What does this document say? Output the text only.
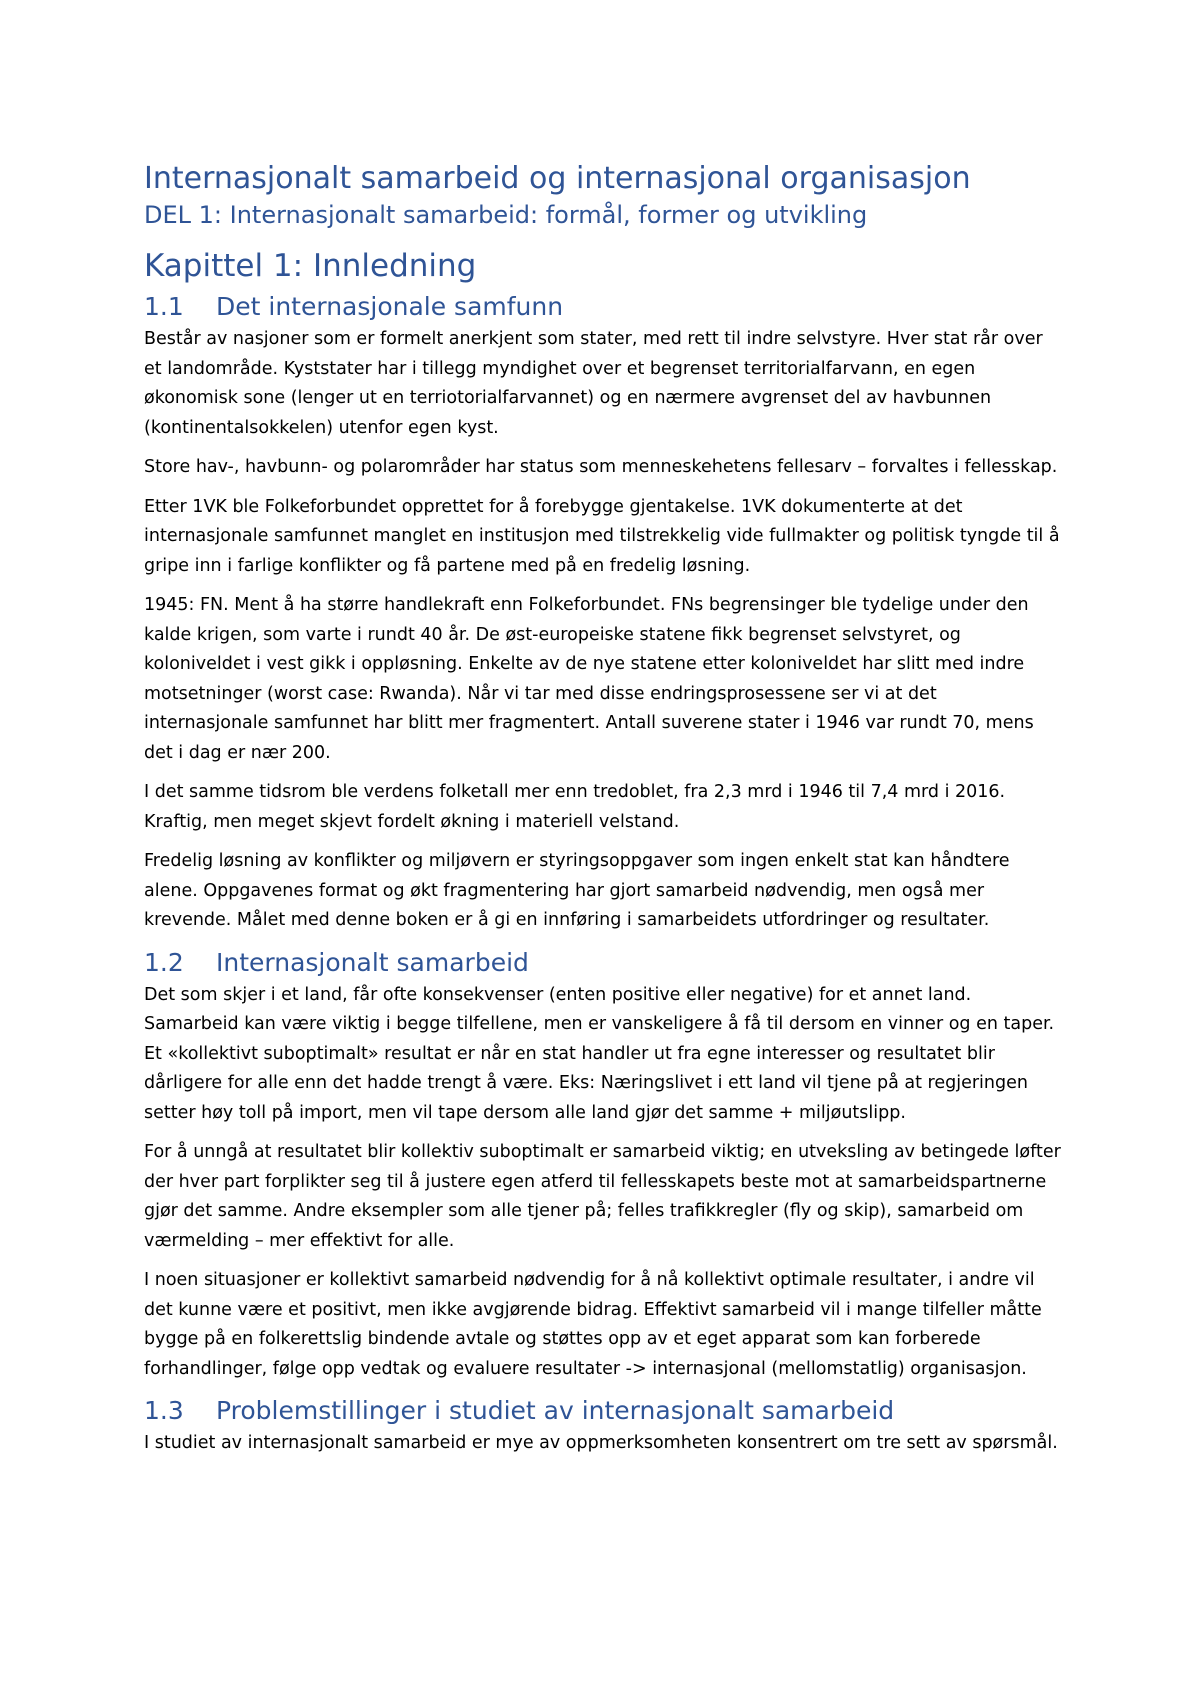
Internasjonalt samarbeid og internasjonal organisasjon
DEL 1: Internasjonalt samarbeid: formål, former og utvikling
Kapittel 1: Innledning
1.1 Det internasjonale samfunn

Består av nasjoner som er formelt anerkjent som stater, med rett til indre selvstyre. Hver stat rår over et landområde. Kyststater har i tillegg myndighet over et begrenset territorialfarvann, en egen økonomisk sone (lenger ut en terriotorialfarvannet) og en nærmere avgrenset del av havbunnen (kontinentalsokkelen) utenfor egen kyst.

Store hav-, havbunn- og polarområder har status som menneskehetens fellesarv – forvaltes i fellesskap.

Etter 1VK ble Folkeforbundet opprettet for å forebygge gjentakelse. 1VK dokumenterte at det internasjonale samfunnet manglet en institusjon med tilstrekkelig vide fullmakter og politisk tyngde til å gripe inn i farlige konflikter og få partene med på en fredelig løsning.

1945: FN. Ment å ha større handlekraft enn Folkeforbundet. FNs begrensinger ble tydelige under den kalde krigen, som varte i rundt 40 år. De øst-europeiske statene fikk begrenset selvstyret, og koloniveldet i vest gikk i oppløsning. Enkelte av de nye statene etter koloniveldet har slitt med indre motsetninger (worst case: Rwanda). Når vi tar med disse endringsprosessene ser vi at det internasjonale samfunnet har blitt mer fragmentert. Antall suverene stater i 1946 var rundt 70, mens det i dag er nær 200.

I det samme tidsrom ble verdens folketall mer enn tredoblet, fra 2,3 mrd i 1946 til 7,4 mrd i 2016. Kraftig, men meget skjevt fordelt økning i materiell velstand.

Fredelig løsning av konflikter og miljøvern er styringsoppgaver som ingen enkelt stat kan håndtere alene. Oppgavenes format og økt fragmentering har gjort samarbeid nødvendig, men også mer krevende. Målet med denne boken er å gi en innføring i samarbeidets utfordringer og resultater.

1.2 Internasjonalt samarbeid

Det som skjer i et land, får ofte konsekvenser (enten positive eller negative) for et annet land. Samarbeid kan være viktig i begge tilfellene, men er vanskeligere å få til dersom en vinner og en taper. Et «kollektivt suboptimalt» resultat er når en stat handler ut fra egne interesser og resultatet blir dårligere for alle enn det hadde trengt å være. Eks: Næringslivet i ett land vil tjene på at regjeringen setter høy toll på import, men vil tape dersom alle land gjør det samme + miljøutslipp.

For å unngå at resultatet blir kollektiv suboptimalt er samarbeid viktig; en utveksling av betingede løfter der hver part forplikter seg til å justere egen atferd til fellesskapets beste mot at samarbeidspartnerne gjør det samme. Andre eksempler som alle tjener på; felles trafikkregler (fly og skip), samarbeid om værmelding – mer effektivt for alle.

I noen situasjoner er kollektivt samarbeid nødvendig for å nå kollektivt optimale resultater, i andre vil det kunne være et positivt, men ikke avgjørende bidrag. Effektivt samarbeid vil i mange tilfeller måtte bygge på en folkerettslig bindende avtale og støttes opp av et eget apparat som kan forberede forhandlinger, følge opp vedtak og evaluere resultater -> internasjonal (mellomstatlig) organisasjon.

1.3 Problemstillinger i studiet av internasjonalt samarbeid

I studiet av internasjonalt samarbeid er mye av oppmerksomheten konsentrert om tre sett av spørsmål.
